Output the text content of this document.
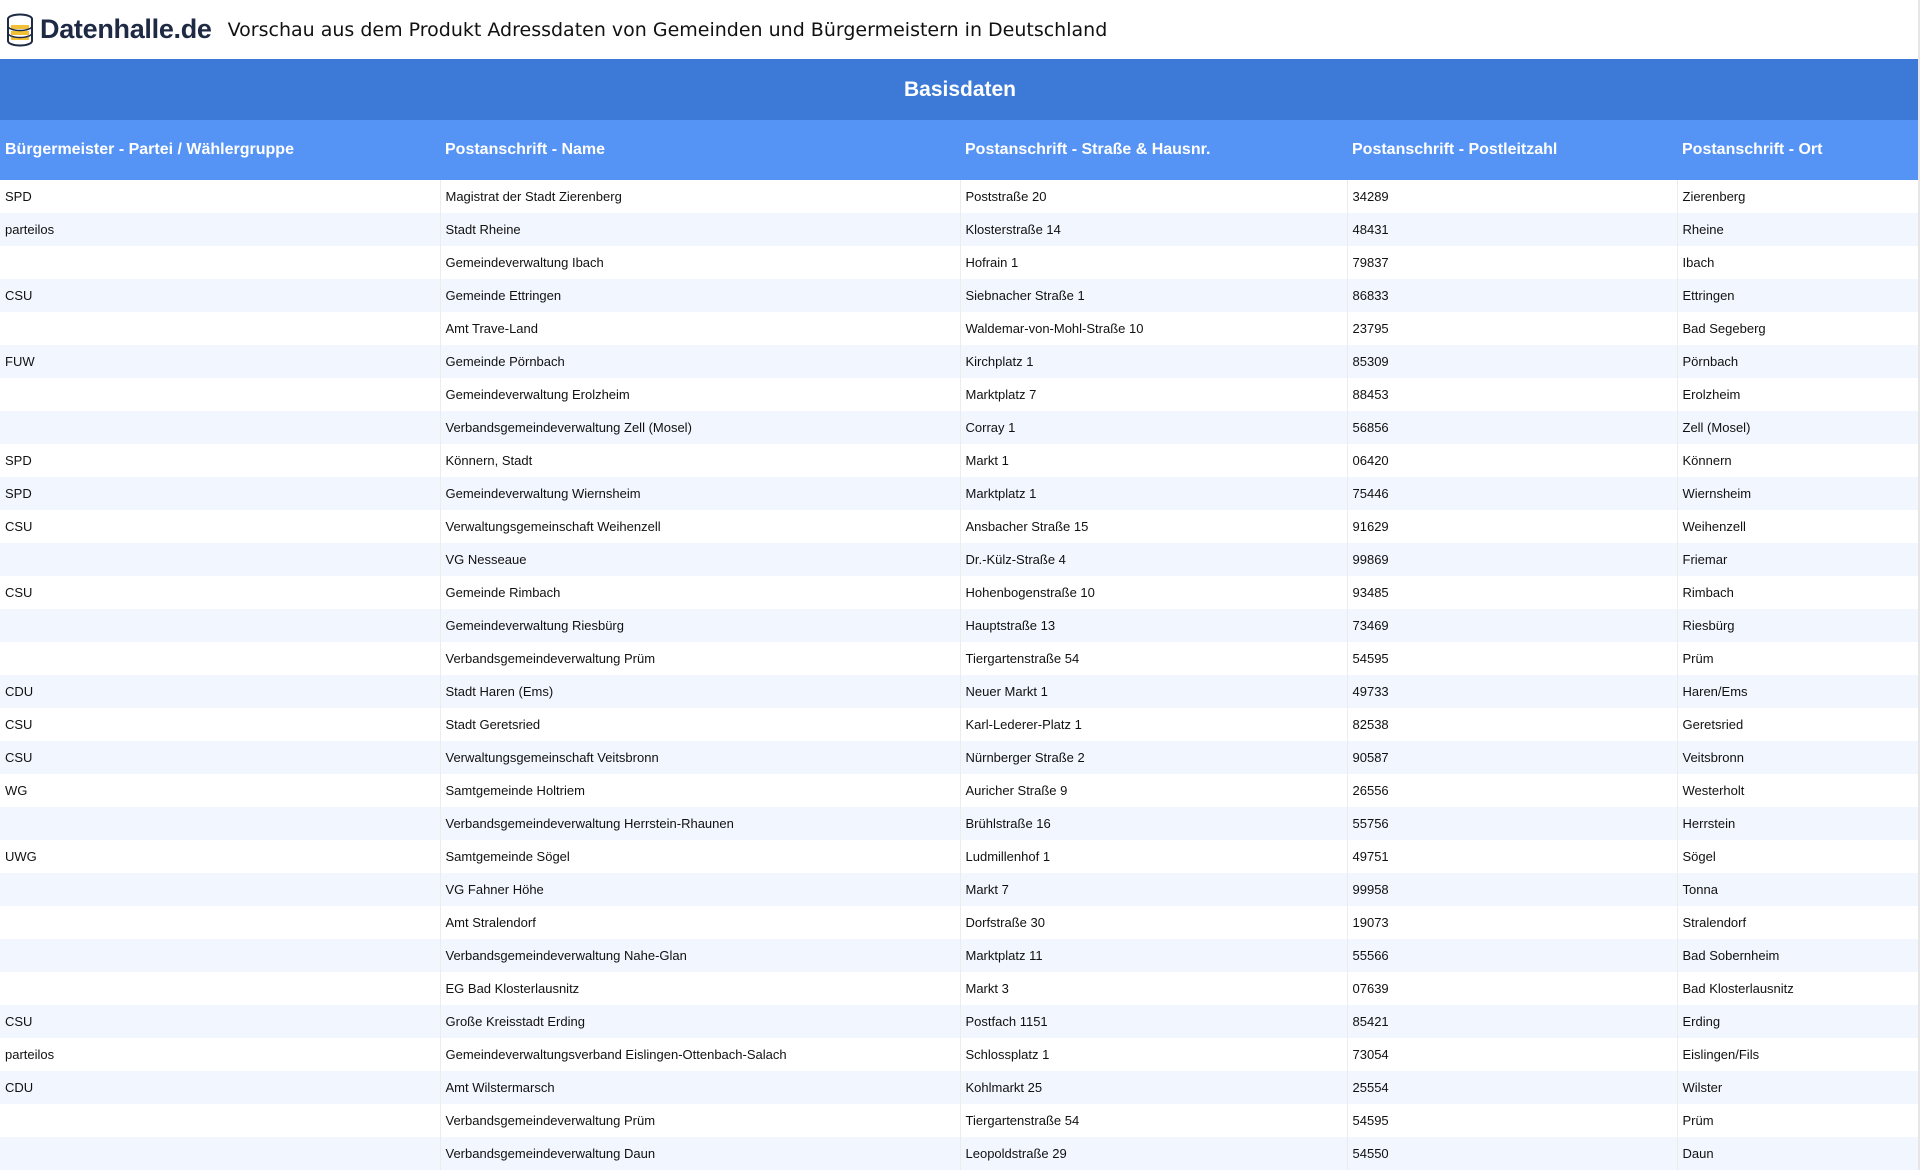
Datenhalle.de Vorschau aus dem Produkt Adressdaten von Gemeinden und Bürgermeistern in Deutschland
Basisdaten
Bürgermeister - Partei / Wählergruppe	Postanschrift - Name	Postanschrift - Straße & Hausnr.	Postanschrift - Postleitzahl	Postanschrift - Ort
SPD	Magistrat der Stadt Zierenberg	Poststraße 20	34289	Zierenberg
parteilos	Stadt Rheine	Klosterstraße 14	48431	Rheine
	Gemeindeverwaltung Ibach	Hofrain 1	79837	Ibach
CSU	Gemeinde Ettringen	Siebnacher Straße 1	86833	Ettringen
	Amt Trave-Land	Waldemar-von-Mohl-Straße 10	23795	Bad Segeberg
FUW	Gemeinde Pörnbach	Kirchplatz 1	85309	Pörnbach
	Gemeindeverwaltung Erolzheim	Marktplatz 7	88453	Erolzheim
	Verbandsgemeindeverwaltung Zell (Mosel)	Corray 1	56856	Zell (Mosel)
SPD	Könnern, Stadt	Markt 1	06420	Könnern
SPD	Gemeindeverwaltung Wiernsheim	Marktplatz 1	75446	Wiernsheim
CSU	Verwaltungsgemeinschaft Weihenzell	Ansbacher Straße 15	91629	Weihenzell
	VG Nesseaue	Dr.-Külz-Straße 4	99869	Friemar
CSU	Gemeinde Rimbach	Hohenbogenstraße 10	93485	Rimbach
	Gemeindeverwaltung Riesbürg	Hauptstraße 13	73469	Riesbürg
	Verbandsgemeindeverwaltung Prüm	Tiergartenstraße 54	54595	Prüm
CDU	Stadt Haren (Ems)	Neuer Markt 1	49733	Haren/Ems
CSU	Stadt Geretsried	Karl-Lederer-Platz 1	82538	Geretsried
CSU	Verwaltungsgemeinschaft Veitsbronn	Nürnberger Straße 2	90587	Veitsbronn
WG	Samtgemeinde Holtriem	Auricher Straße 9	26556	Westerholt
	Verbandsgemeindeverwaltung Herrstein-Rhaunen	Brühlstraße 16	55756	Herrstein
UWG	Samtgemeinde Sögel	Ludmillenhof 1	49751	Sögel
	VG Fahner Höhe	Markt 7	99958	Tonna
	Amt Stralendorf	Dorfstraße 30	19073	Stralendorf
	Verbandsgemeindeverwaltung Nahe-Glan	Marktplatz 11	55566	Bad Sobernheim
	EG Bad Klosterlausnitz	Markt 3	07639	Bad Klosterlausnitz
CSU	Große Kreisstadt Erding	Postfach 1151	85421	Erding
parteilos	Gemeindeverwaltungsverband Eislingen-Ottenbach-Salach	Schlossplatz 1	73054	Eislingen/Fils
CDU	Amt Wilstermarsch	Kohlmarkt 25	25554	Wilster
	Verbandsgemeindeverwaltung Prüm	Tiergartenstraße 54	54595	Prüm
	Verbandsgemeindeverwaltung Daun	Leopoldstraße 29	54550	Daun
